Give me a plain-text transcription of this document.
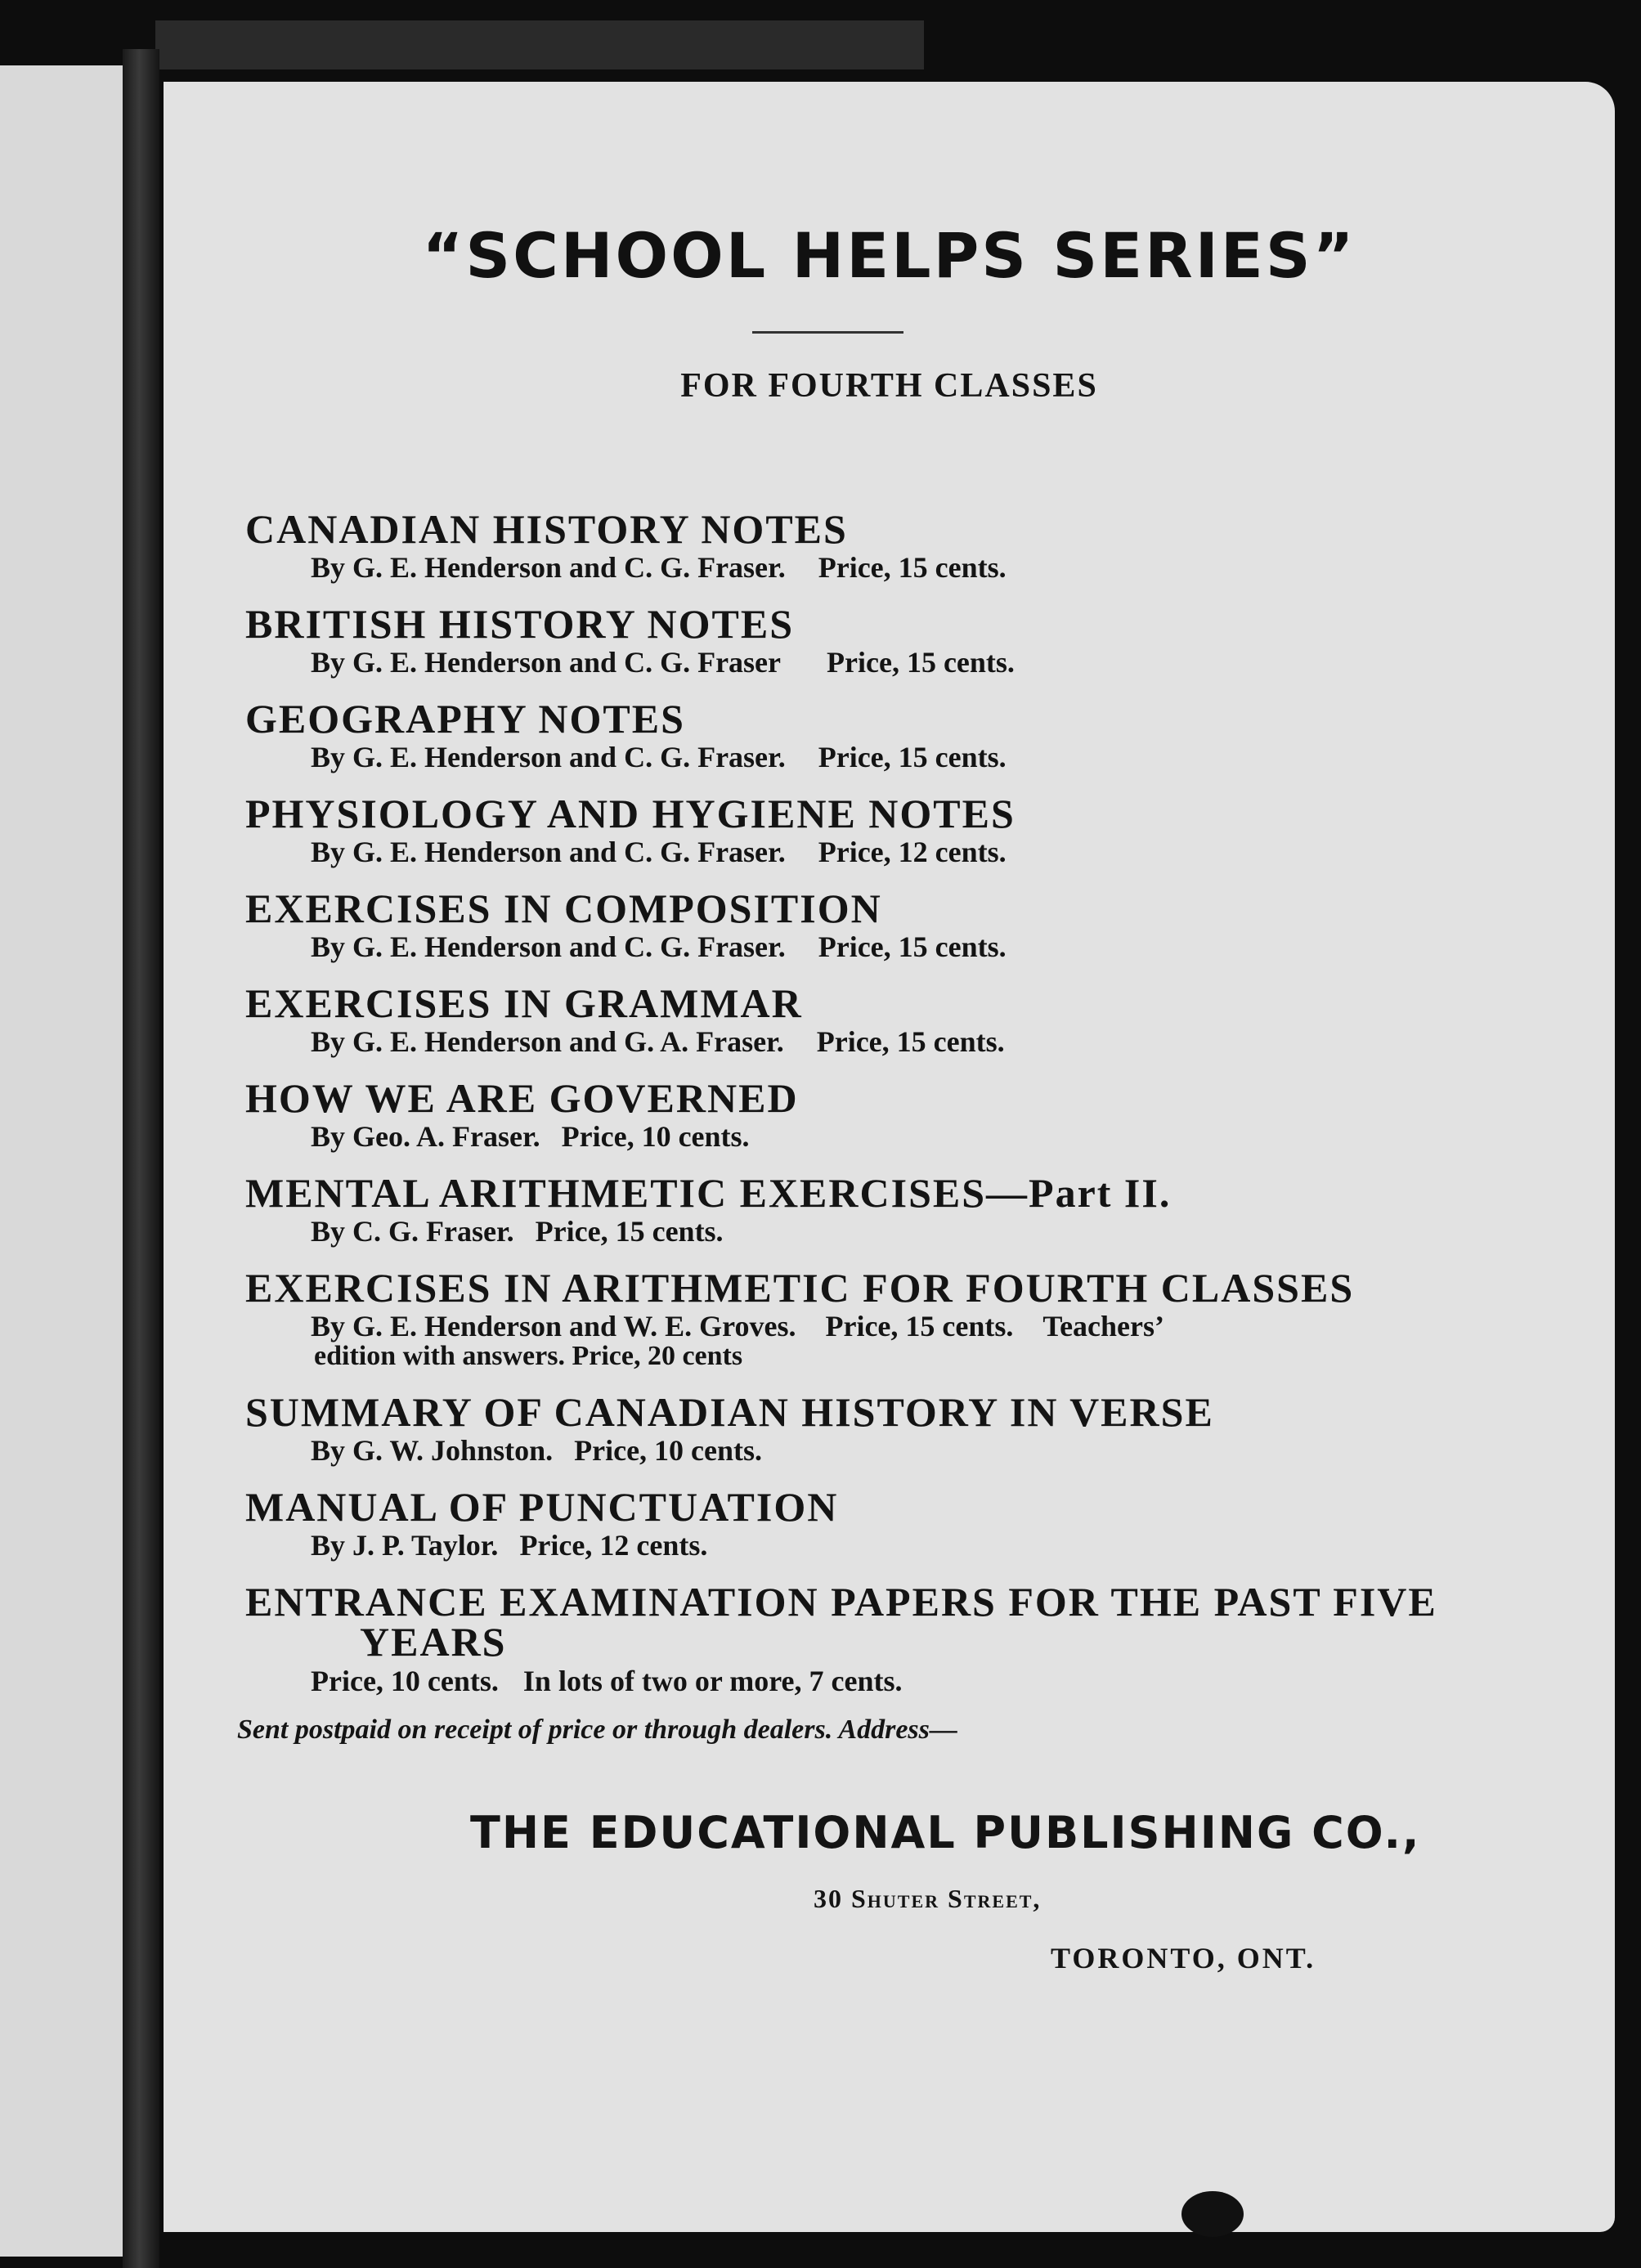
“SCHOOL HELPS SERIES”
FOR FOURTH CLASSES
CANADIAN HISTORY NOTES
By G. E. Henderson and C. G. Fraser. Price, 15 cents.
BRITISH HISTORY NOTES
By G. E. Henderson and C. G. Fraser Price, 15 cents.
GEOGRAPHY NOTES
By G. E. Henderson and C. G. Fraser. Price, 15 cents.
PHYSIOLOGY AND HYGIENE NOTES
By G. E. Henderson and C. G. Fraser. Price, 12 cents.
EXERCISES IN COMPOSITION
By G. E. Henderson and C. G. Fraser. Price, 15 cents.
EXERCISES IN GRAMMAR
By G. E. Henderson and G. A. Fraser. Price, 15 cents.
HOW WE ARE GOVERNED
By Geo. A. Fraser. Price, 10 cents.
MENTAL ARITHMETIC EXERCISES—Part II.
By C. G. Fraser. Price, 15 cents.
EXERCISES IN ARITHMETIC FOR FOURTH CLASSES
By G. E. Henderson and W. E. Groves. Price, 15 cents. Teachers’
edition with answers. Price, 20 cents
SUMMARY OF CANADIAN HISTORY IN VERSE
By G. W. Johnston. Price, 10 cents.
MANUAL OF PUNCTUATION
By J. P. Taylor. Price, 12 cents.
ENTRANCE EXAMINATION PAPERS FOR THE PAST FIVE
YEARS
Price, 10 cents. In lots of two or more, 7 cents.
Sent postpaid on receipt of price or through dealers. Address—
THE EDUCATIONAL PUBLISHING CO.,
30 Shuter Street,
TORONTO, ONT.
